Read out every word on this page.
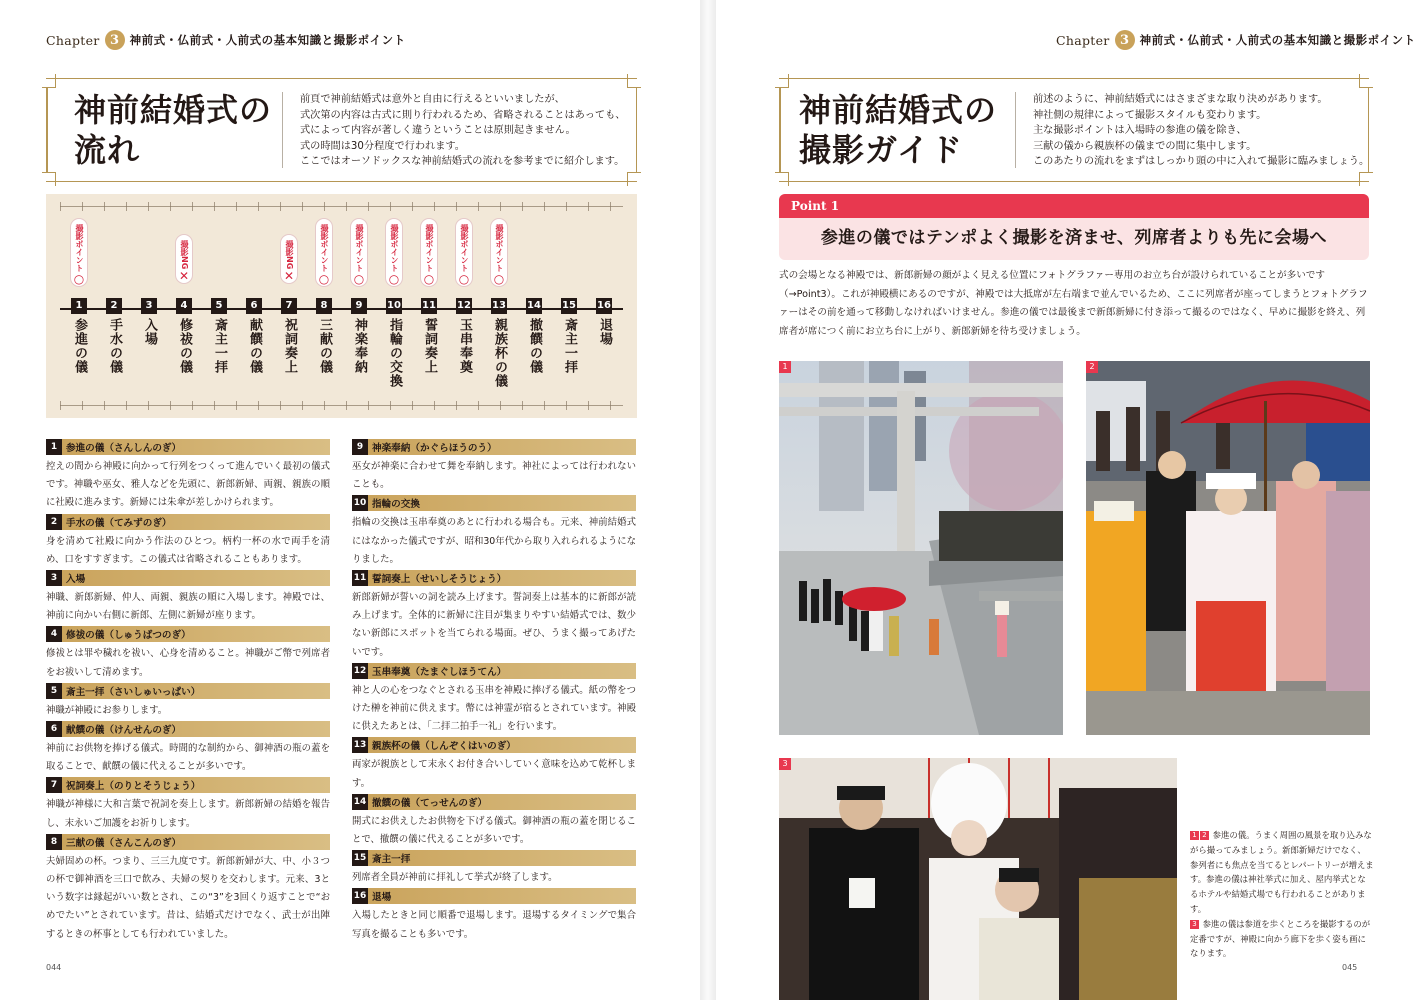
Chapter 3 神前式・仏前式・人前式の基本知識と撮影ポイント
神前結婚式の
流れ
前頁で神前結婚式は意外と自由に行えるといいましたが、
式次第の内容は古式に則り行われるため、省略されることはあっても、
式によって内容が著しく違うということは原則起きません。
式の時間は30分程度で行われます。
ここではオーソドックスな神前結婚式の流れを参考までに紹介します。
1
参進の儀
撮影ポイント
○
2
手水の儀
3
入場
4
修祓の儀
撮影NG
✕
5
斎主一拝
6
献饌の儀
7
祝詞奏上
撮影NG
✕
8
三献の儀
撮影ポイント
○
9
神楽奉納
撮影ポイント
○
10
指輪の交換
撮影ポイント
○
11
誓詞奏上
撮影ポイント
○
12
玉串奉奠
撮影ポイント
○
13
親族杯の儀
撮影ポイント
○
14
撤饌の儀
15
斎主一拝
16
退場
1 参進の儀（さんしんのぎ）
控えの間から神殿に向かって行列をつくって進んでいく最初の儀式です。神職や巫女、雅人などを先頭に、新郎新婦、両親、親族の順に社殿に進みます。新婦には朱傘が差しかけられます。
2 手水の儀（てみずのぎ）
身を清めて社殿に向かう作法のひとつ。柄杓一杯の水で両手を清め、口をすすぎます。この儀式は省略されることもあります。
3 入場
神職、新郎新婦、仲人、両親、親族の順に入場します。神殿では、神前に向かい右側に新郎、左側に新婦が座ります。
4 修祓の儀（しゅうばつのぎ）
修祓とは罪や穢れを祓い、心身を清めること。神職がご幣で列席者をお祓いして清めます。
5 斎主一拝（さいしゅいっぱい）
神職が神殿にお参りします。
6 献饌の儀（けんせんのぎ）
神前にお供物を捧げる儀式。時間的な制約から、御神酒の瓶の蓋を取ることで、献饌の儀に代えることが多いです。
7 祝詞奏上（のりとそうじょう）
神職が神様に大和言葉で祝詞を奏上します。新郎新婦の結婚を報告し、末永いご加護をお祈りします。
8 三献の儀（さんこんのぎ）
夫婦固めの杯。つまり、三三九度です。新郎新婦が大、中、小３つの杯で御神酒を三口で飲み、夫婦の契りを交わします。元来、3という数字は縁起がいい数とされ、この“3”を3回くり返すことで“おめでたい”とされています。昔は、結婚式だけでなく、武士が出陣するときの杯事としても行われていました。
9 神楽奉納（かぐらほうのう）
巫女が神楽に合わせて舞を奉納します。神社によっては行われないことも。
10 指輪の交換
指輪の交換は玉串奉奠のあとに行われる場合も。元来、神前結婚式にはなかった儀式ですが、昭和30年代から取り入れられるようになりました。
11 誓詞奏上（せいしそうじょう）
新郎新婦が誓いの詞を読み上げます。誓詞奏上は基本的に新郎が読み上げます。全体的に新婦に注目が集まりやすい結婚式では、数少ない新郎にスポットを当てられる場面。ぜひ、うまく撮ってあげたいです。
12 玉串奉奠（たまぐしほうてん）
神と人の心をつなぐとされる玉串を神殿に捧げる儀式。紙の幣をつけた榊を神前に供えます。幣には神霊が宿るとされています。神殿に供えたあとは、「二拝二拍手一礼」を行います。
13 親族杯の儀（しんぞくはいのぎ）
両家が親族として末永くお付き合いしていく意味を込めて乾杯します。
14 撤饌の儀（てっせんのぎ）
開式にお供えしたお供物を下げる儀式。御神酒の瓶の蓋を閉じることで、撤饌の儀に代えることが多いです。
15 斎主一拝
列席者全員が神前に拝礼して挙式が終了します。
16 退場
入場したときと同じ順番で退場します。退場するタイミングで集合写真を撮ることも多いです。
044
Chapter 3 神前式・仏前式・人前式の基本知識と撮影ポイント
神前結婚式の
撮影ガイド
前述のように、神前結婚式にはさまざまな取り決めがあります。
神社側の規律によって撮影スタイルも変わります。
主な撮影ポイントは入場時の参進の儀を除き、
三献の儀から親族杯の儀までの間に集中します。
このあたりの流れをまずはしっかり頭の中に入れて撮影に臨みましょう。
Point 1
参進の儀ではテンポよく撮影を済ませ、列席者よりも先に会場へ
式の会場となる神殿では、新郎新婦の顔がよく見える位置にフォトグラファー専用のお立ち台が設けられていることが多いです（→Point3）。これが神殿横にあるのですが、神殿では大抵席が左右端まで並んでいるため、ここに列席者が座ってしまうとフォトグラファーはその前を通って移動しなければいけません。参進の儀では最後まで新郎新婦に付き添って撮るのではなく、早めに撮影を終え、列席者が席につく前にお立ち台に上がり、新郎新婦を待ち受けましょう。
1	2
3
1 2 参進の儀。うまく周囲の風景を取り込みながら撮ってみましょう。新郎新婦だけでなく、参列者にも焦点を当てるとレパートリーが増えます。参進の儀は神社挙式に加え、屋内挙式となるホテルや結婚式場でも行われることがあります。
3 参進の儀は参道を歩くところを撮影するのが定番ですが、神殿に向かう廊下を歩く姿も画になります。
045
